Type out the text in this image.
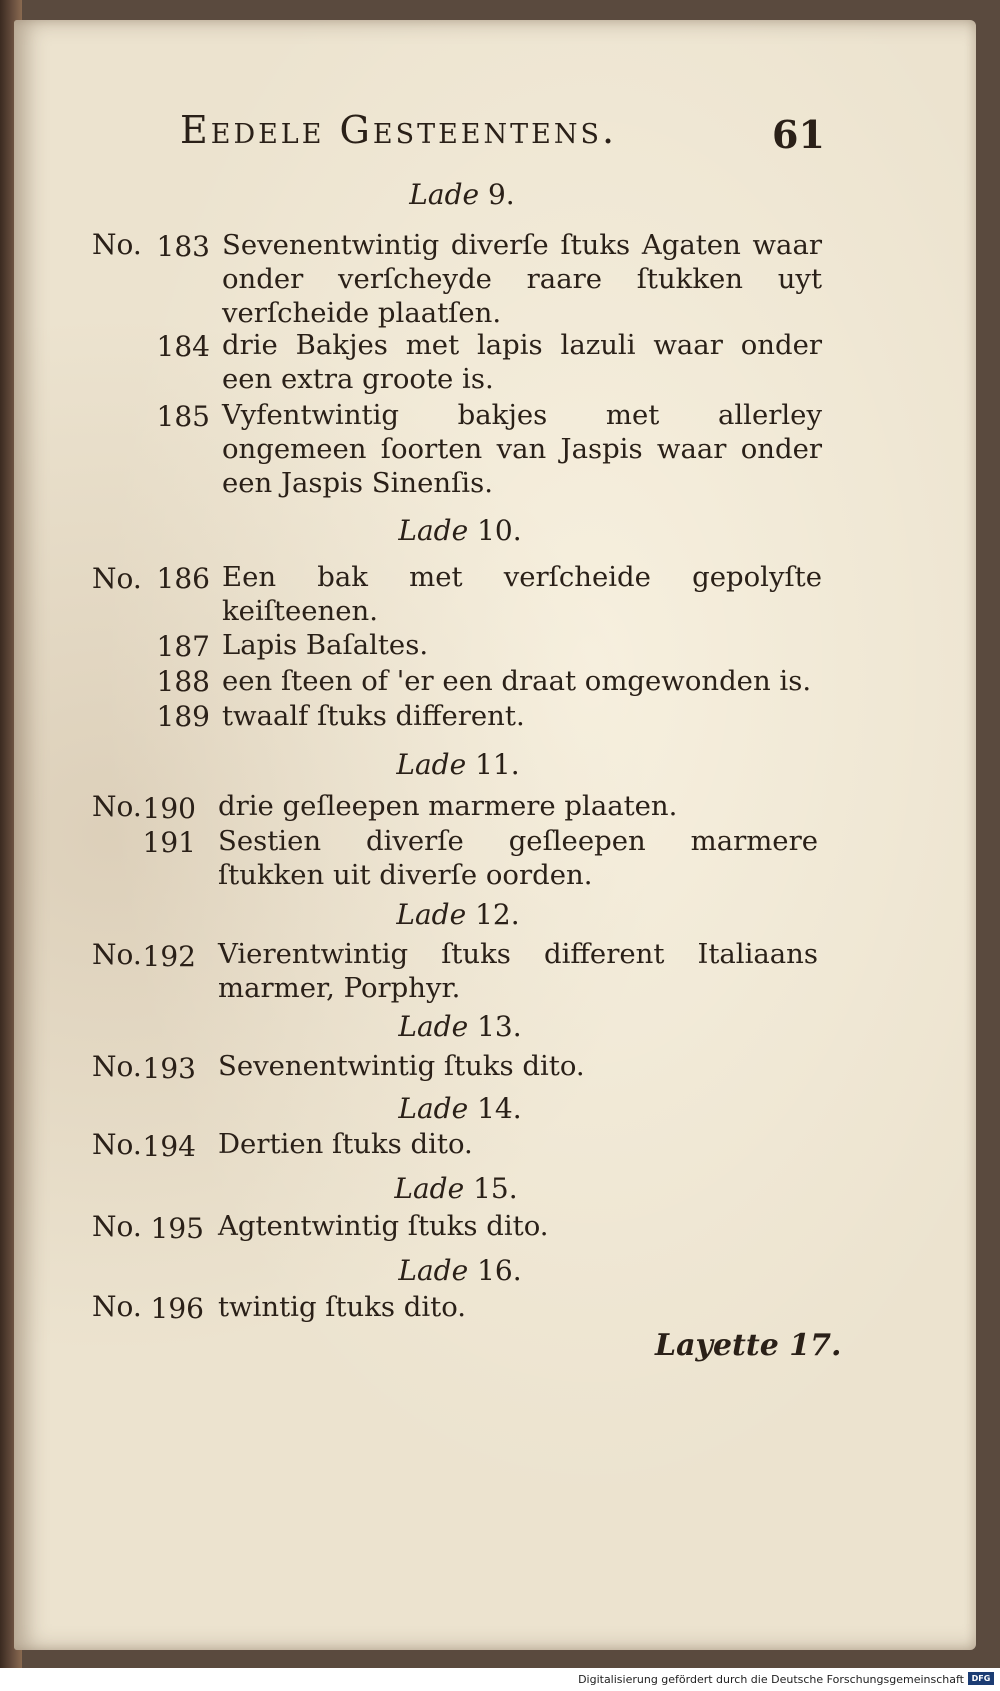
Eedele Gesteentens.	61
Lade 9.
No. 183 Sevenentwintig diverſe ſtuks Agaten waar onder verſcheyde raare ſtukken uyt verſcheide plaatſen.
184 drie Bakjes met lapis lazuli waar onder een extra groote is.
185 Vyfentwintig bakjes met allerley ongemeen ſoorten van Jaspis waar onder een Jaspis Sinenſis.
Lade 10.
No. 186 Een bak met verſcheide gepolyſte keiſteenen.
187 Lapis Baſaltes.
188 een ſteen of 'er een draat omgewonden is.
189 twaalf ſtuks different.
Lade 11.
No. 190 drie geſleepen marmere plaaten.
191 Sestien diverſe geſleepen marmere ſtukken uit diverſe oorden.
Lade 12.
No. 192 Vierentwintig ſtuks different Italiaans marmer, Porphyr.
Lade 13.
No. 193 Sevenentwintig ſtuks dito.
Lade 14.
No. 194 Dertien ſtuks dito.
Lade 15.
No. 195 Agtentwintig ſtuks dito.
Lade 16.
No. 196 twintig ſtuks dito.
Layette 17.
Digitalisierung gefördert durch die Deutsche Forschungsgemeinschaft DFG
